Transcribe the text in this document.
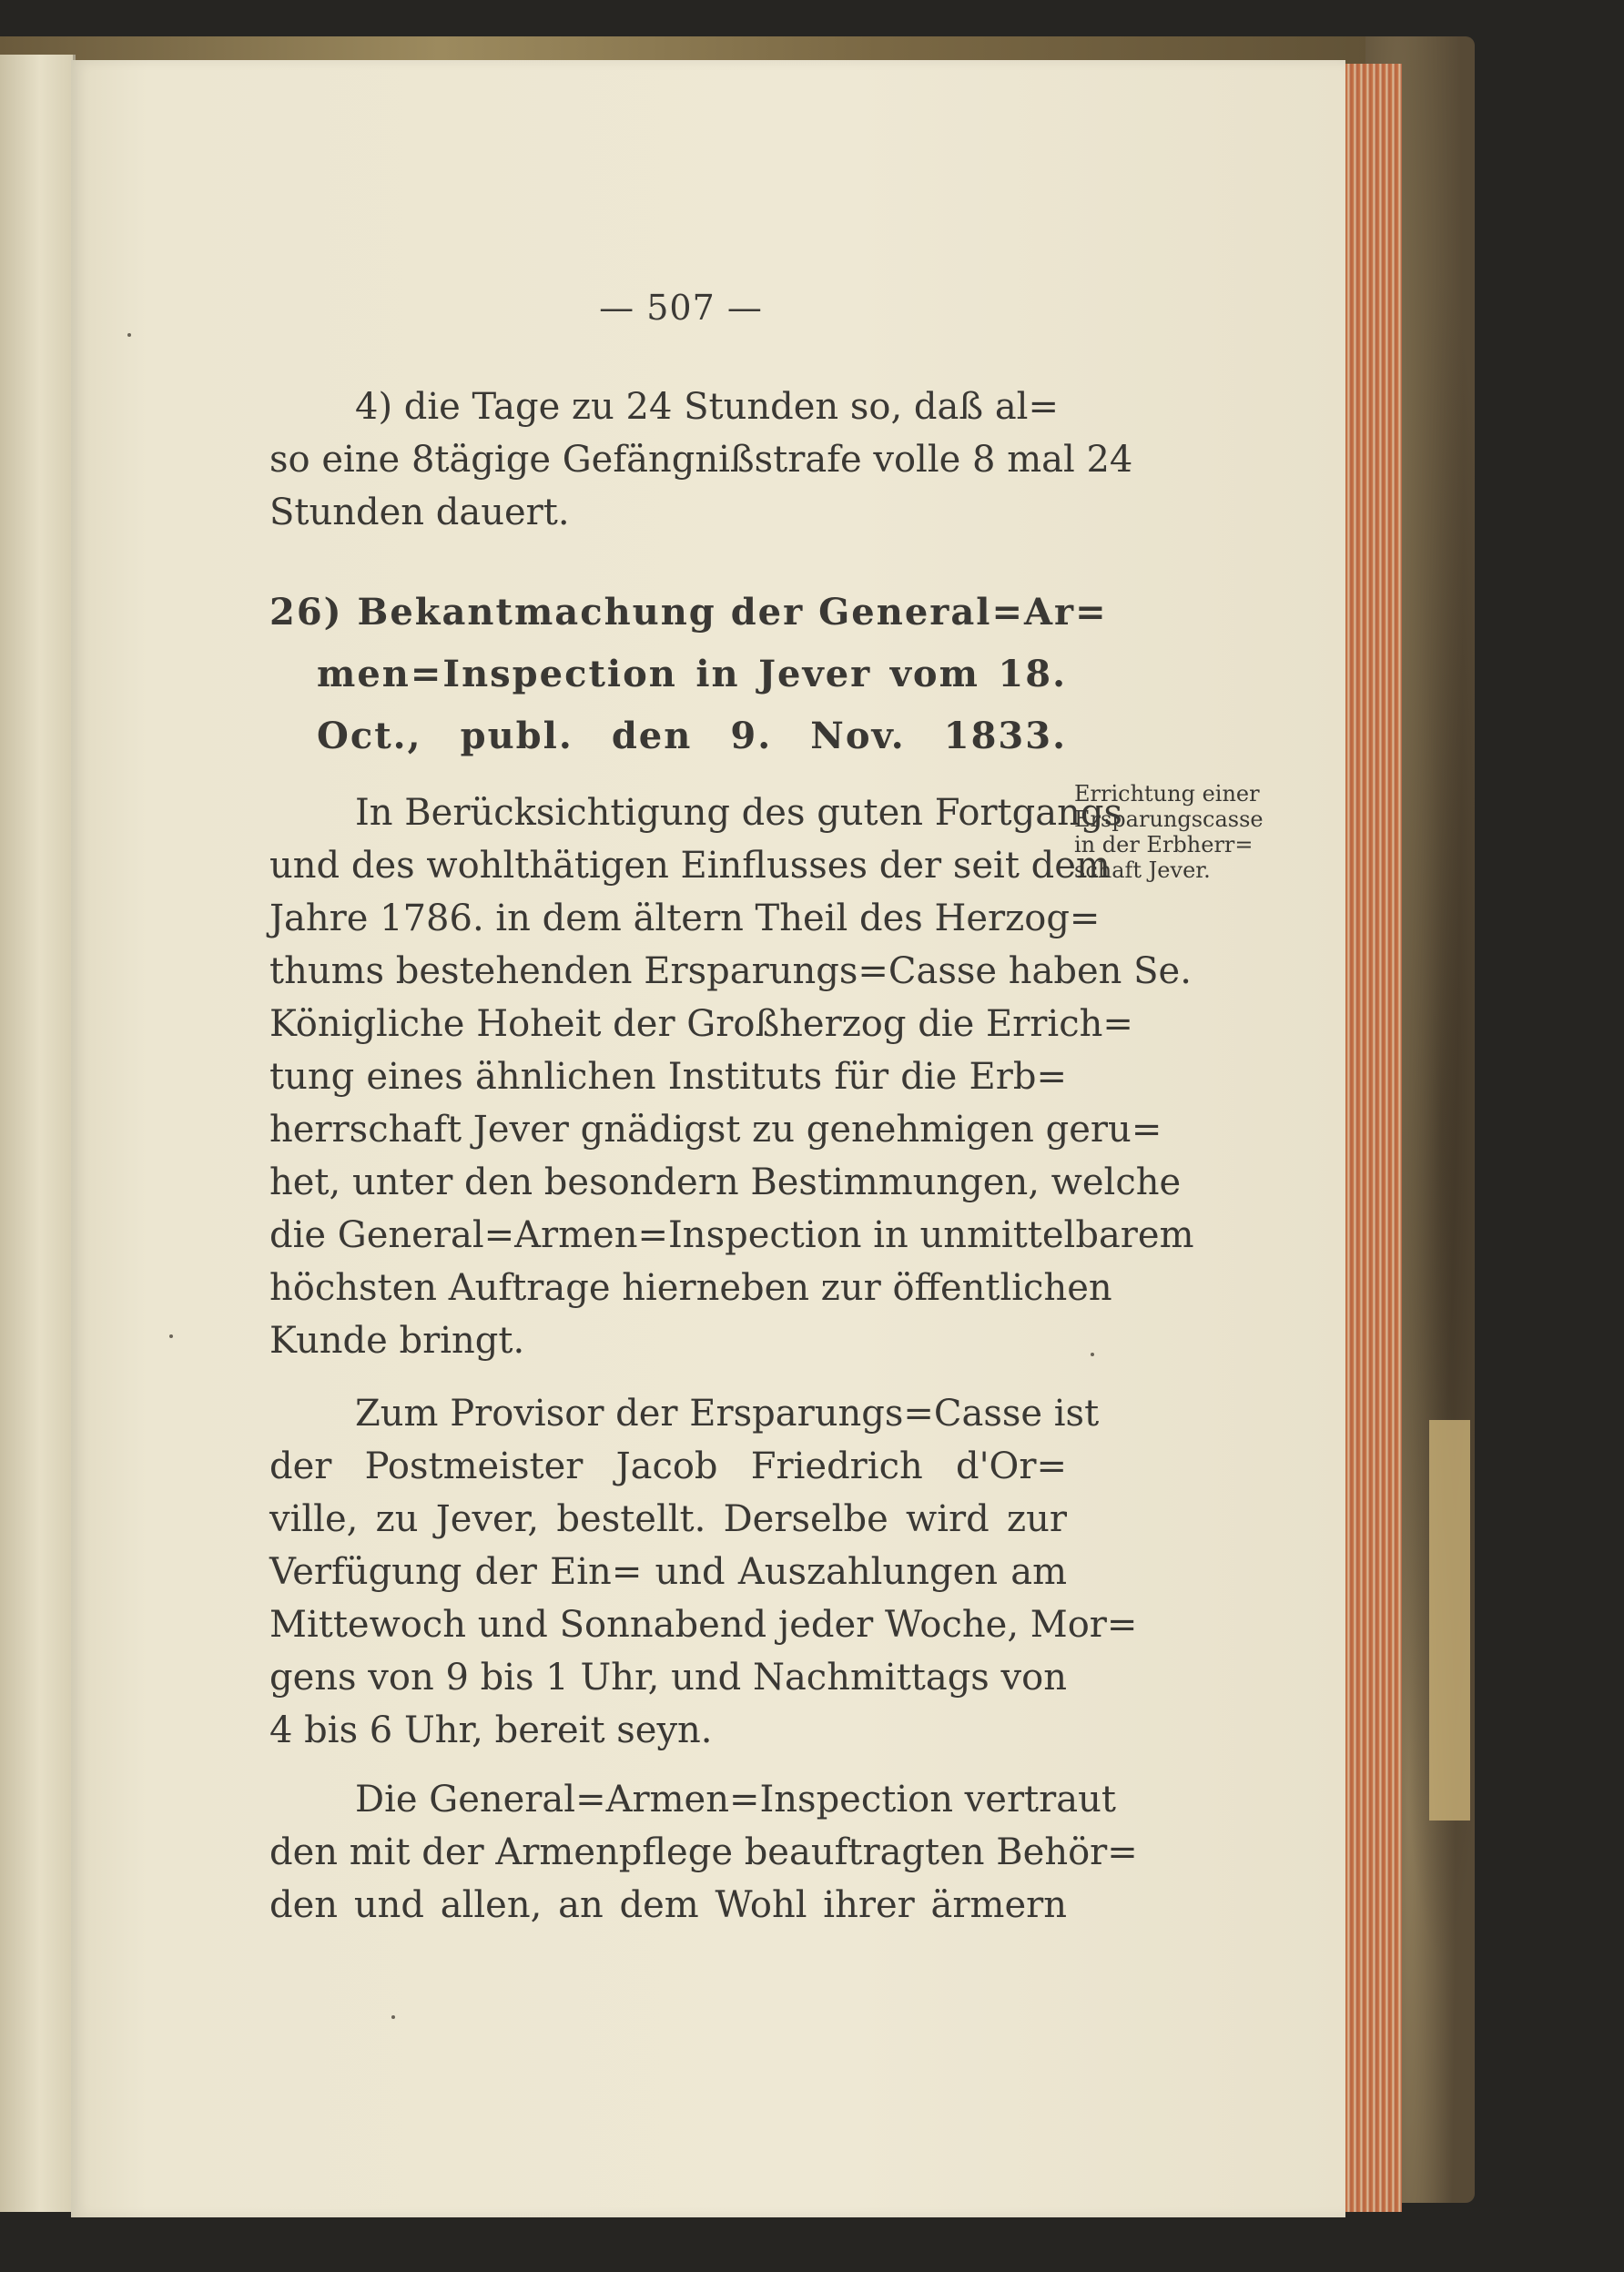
— 507 —
4) die Tage zu 24 Stunden so, daß al=
so eine 8tägige Gefängnißstrafe volle 8 mal 24
Stunden dauert.
26) Bekantmachung der General=Ar=
men=Inspection in Jever vom 18.
Oct., publ. den 9. Nov. 1833.
In Berücksichtigung des guten Fortgangs
und des wohlthätigen Einflusses der seit dem
Jahre 1786. in dem ältern Theil des Herzog=
thums bestehenden Ersparungs=Casse haben Se.
Königliche Hoheit der Großherzog die Errich=
tung eines ähnlichen Instituts für die Erb=
herrschaft Jever gnädigst zu genehmigen geru=
het, unter den besondern Bestimmungen, welche
die General=Armen=Inspection in unmittelbarem
höchsten Auftrage hierneben zur öffentlichen
Kunde bringt.
Errichtung einer
Ersparungscasse
in der Erbherr=
schaft Jever.
Zum Provisor der Ersparungs=Casse ist
der Postmeister Jacob Friedrich d'Or=
ville, zu Jever, bestellt. Derselbe wird zur
Verfügung der Ein= und Auszahlungen am
Mittewoch und Sonnabend jeder Woche, Mor=
gens von 9 bis 1 Uhr, und Nachmittags von
4 bis 6 Uhr, bereit seyn.
Die General=Armen=Inspection vertraut
den mit der Armenpflege beauftragten Behör=
den und allen, an dem Wohl ihrer ärmern
